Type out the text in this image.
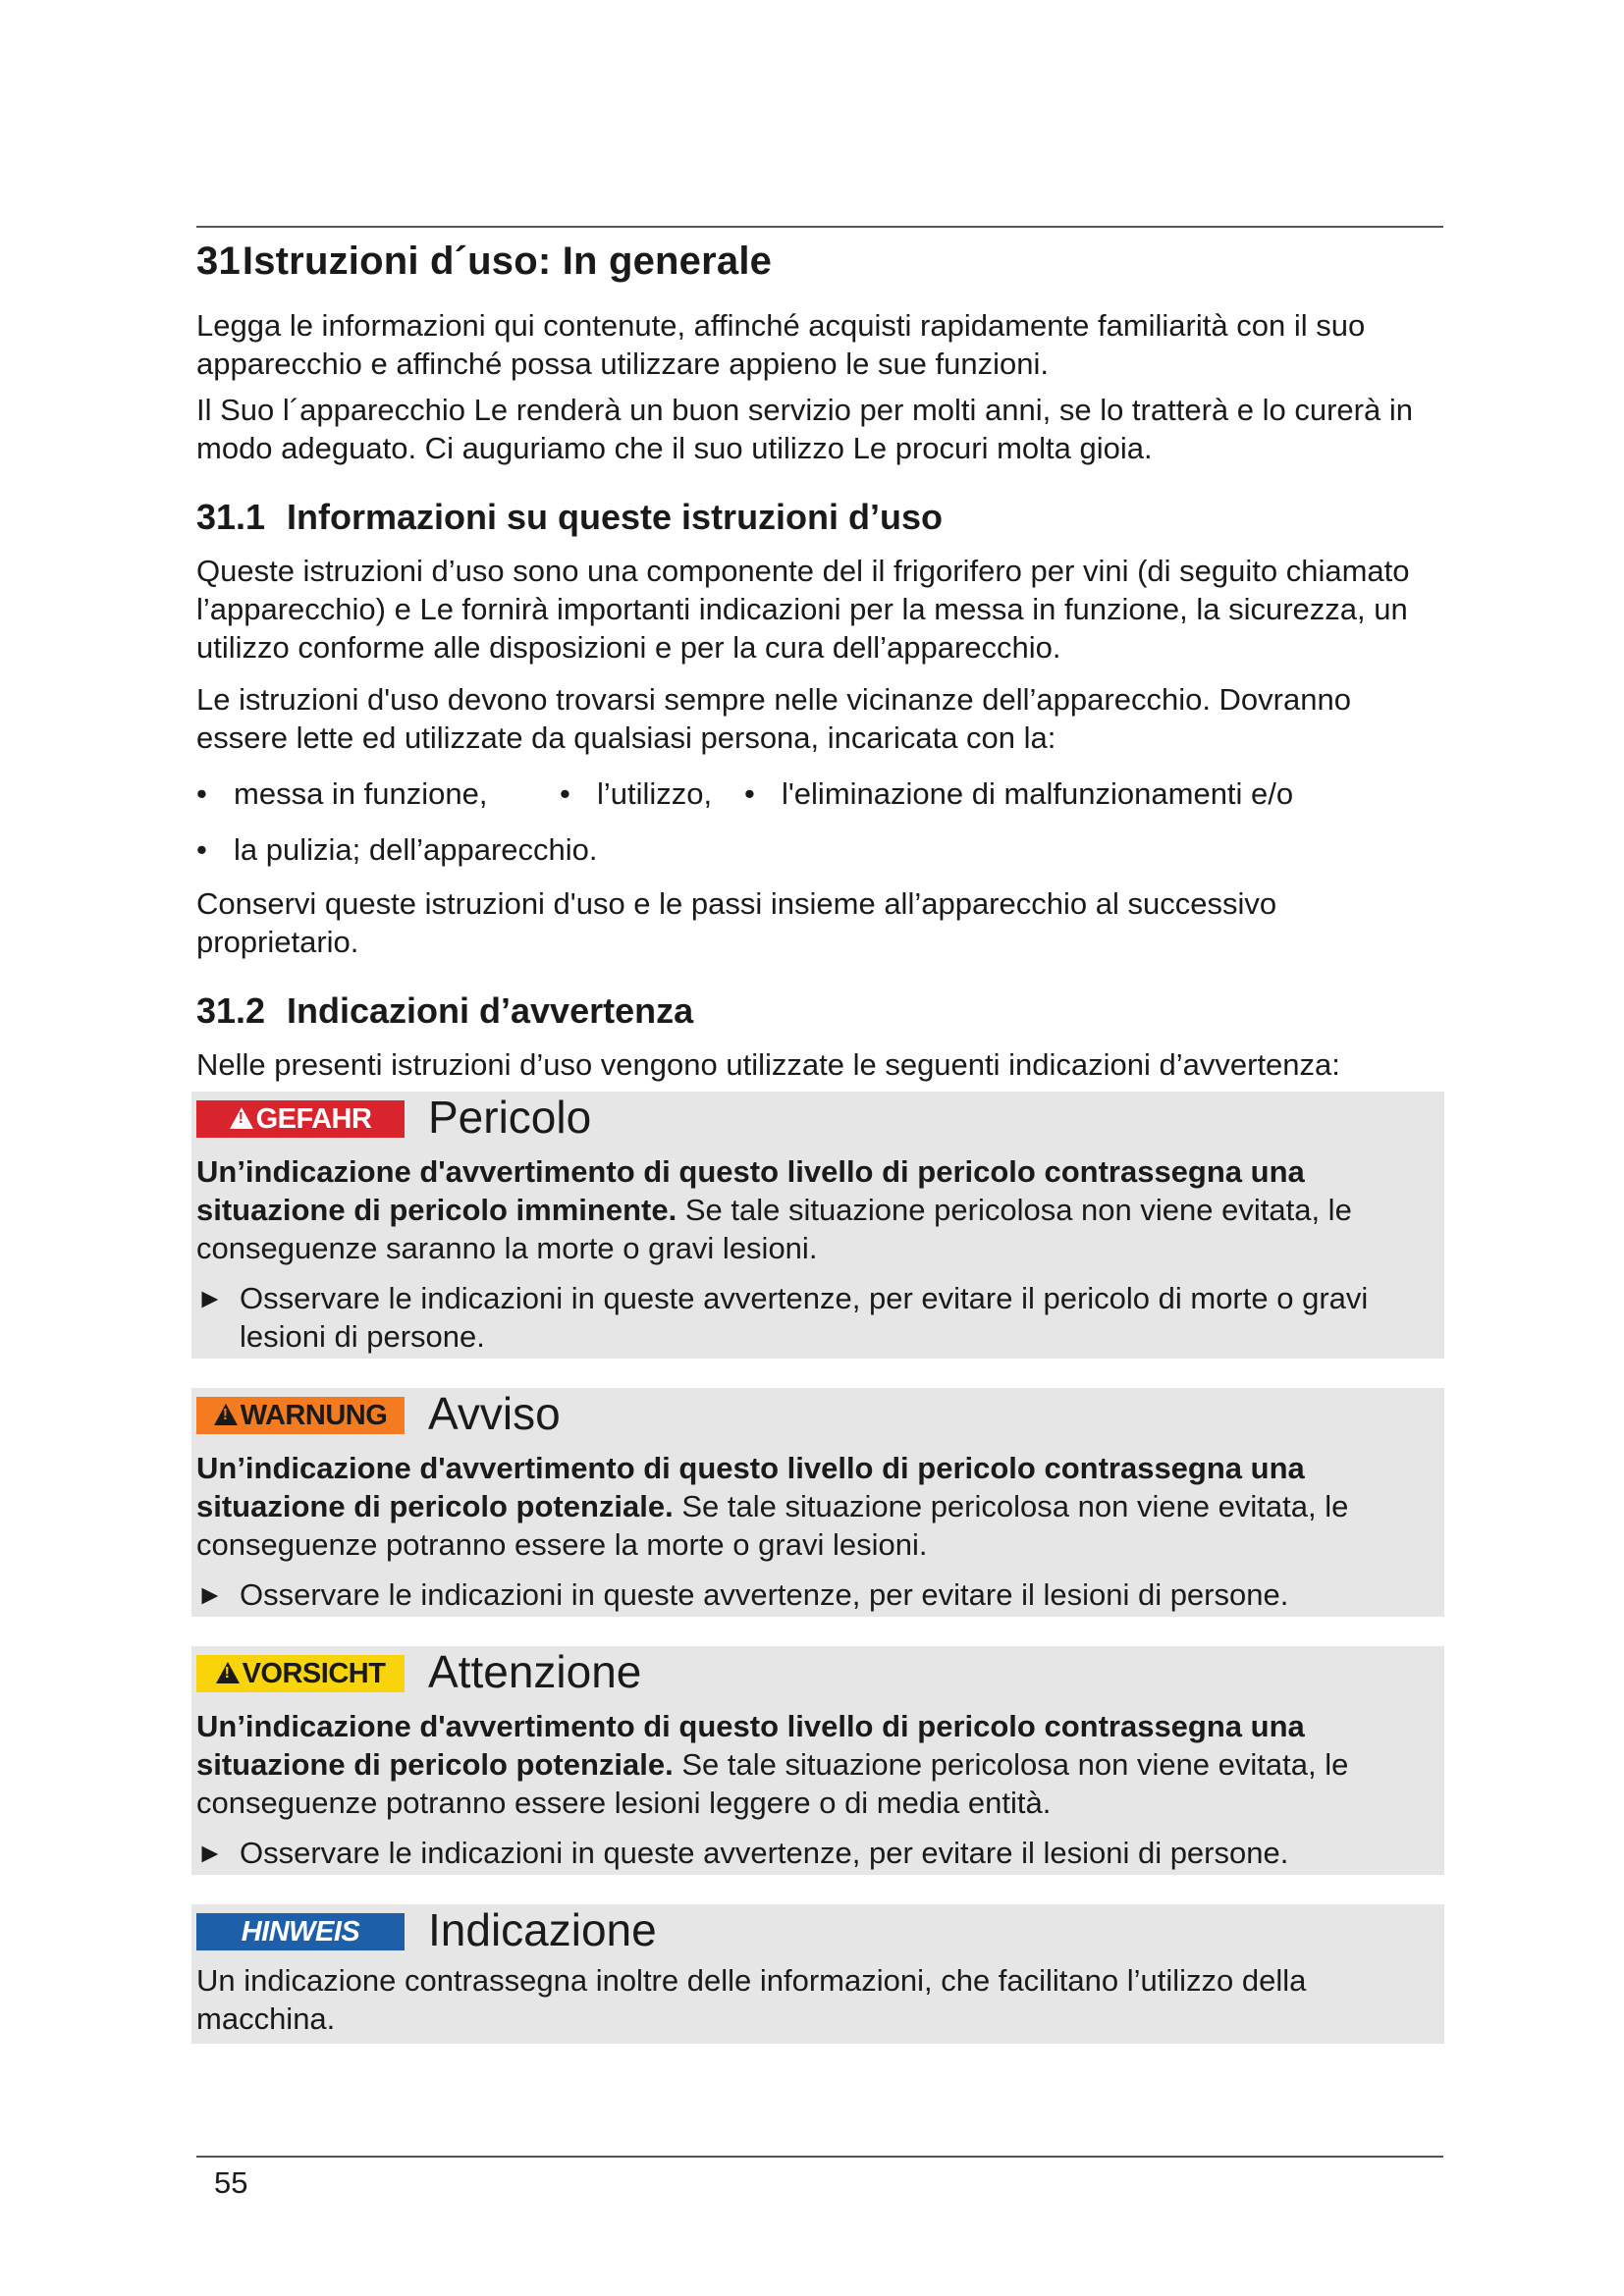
31Istruzioni d´uso: In generale

Legga le informazioni qui contenute, affinché acquisti rapidamente familiarità con il suo apparecchio e affinché possa utilizzare appieno le sue funzioni.

Il Suo l´apparecchio Le renderà un buon servizio per molti anni, se lo tratterà e lo curerà in modo adeguato. Ci auguriamo che il suo utilizzo Le procuri molta gioia.

31.1 Informazioni su queste istruzioni d’uso

Queste istruzioni d’uso sono una componente del il frigorifero per vini (di seguito chiamato l’apparecchio) e Le fornirà importanti indicazioni per la messa in funzione, la sicurezza, un utilizzo conforme alle disposizioni e per la cura dell’apparecchio.

Le istruzioni d'uso devono trovarsi sempre nelle vicinanze dell’apparecchio. Dovranno essere lette ed utilizzate da qualsiasi persona, incaricata con la:

• messa in funzione, • l’utilizzo, • l'eliminazione di malfunzionamenti e/o
• la pulizia; dell’apparecchio.

Conservi queste istruzioni d'uso e le passi insieme all’apparecchio al successivo proprietario.

31.2 Indicazioni d’avvertenza

Nelle presenti istruzioni d’uso vengono utilizzate le seguenti indicazioni d’avvertenza:

!
GEFAHR Pericolo
Un’indicazione d'avvertimento di questo livello di pericolo contrassegna una situazione di pericolo imminente. Se tale situazione pericolosa non viene evitata, le conseguenze saranno la morte o gravi lesioni.
► Osservare le indicazioni in queste avvertenze, per evitare il pericolo di morte o gravi lesioni di persone.
!
WARNUNG Avviso
Un’indicazione d'avvertimento di questo livello di pericolo contrassegna una situazione di pericolo potenziale. Se tale situazione pericolosa non viene evitata, le conseguenze potranno essere la morte o gravi lesioni.
► Osservare le indicazioni in queste avvertenze, per evitare il lesioni di persone.
!
VORSICHT Attenzione
Un’indicazione d'avvertimento di questo livello di pericolo contrassegna una situazione di pericolo potenziale. Se tale situazione pericolosa non viene evitata, le conseguenze potranno essere lesioni leggere o di media entità.
► Osservare le indicazioni in queste avvertenze, per evitare il lesioni di persone.
HINWEIS Indicazione
Un indicazione contrassegna inoltre delle informazioni, che facilitano l’utilizzo della macchina.
55
